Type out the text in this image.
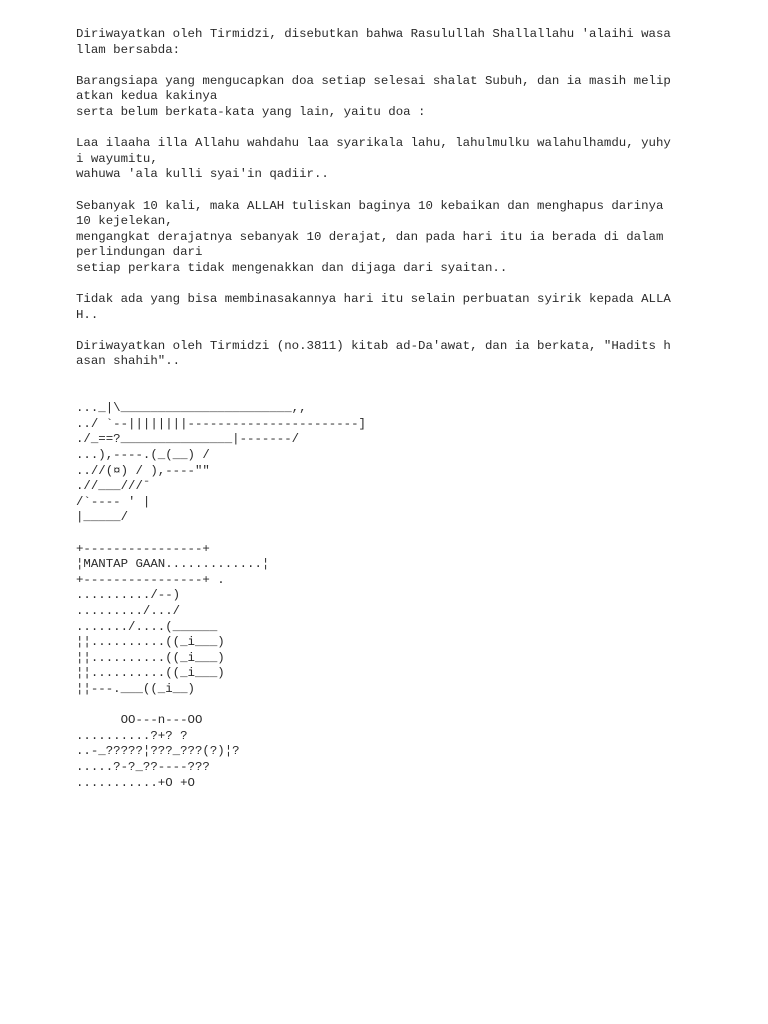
Diriwayatkan oleh Tirmidzi, disebutkan bahwa Rasulullah Shallallahu 'alaihi wasa
llam bersabda:
Barangsiapa yang mengucapkan doa setiap selesai shalat Subuh, dan ia masih melip
atkan kedua kakinya
serta belum berkata-kata yang lain, yaitu doa :
Laa ilaaha illa Allahu wahdahu laa syarikala lahu, lahulmulku walahulhamdu, yuhy
i wayumitu,
wahuwa 'ala kulli syai'in qadiir..
Sebanyak 10 kali, maka ALLAH tuliskan baginya 10 kebaikan dan menghapus darinya
10 kejelekan,
mengangkat derajatnya sebanyak 10 derajat, dan pada hari itu ia berada di dalam
perlindungan dari
setiap perkara tidak mengenakkan dan dijaga dari syaitan..
Tidak ada yang bisa membinasakannya hari itu selain perbuatan syirik kepada ALLA
H..
Diriwayatkan oleh Tirmidzi (no.3811) kitab ad-Da'awat, dan ia berkata, "Hadits h
asan shahih"..
..._|\_______________________,,
../ `--||||||||-----------------------]
./_==?_______________|-------/
...),----.(_(__) /
..//(¤) / ),----""
.//___///ˉ
/`---- ' |
|_____/
+----------------+
¦MANTAP GAAN.............¦
+----------------+ .
........../--)
........./.../
......./....(______
¦¦..........((_i___)
¦¦..........((_i___)
¦¦..........((_i___)
¦¦---.___((_i__)
OO---n---OO
..........?+? ?
..-_?????¦???_???(?)¦?
.....?-?_??----???
...........+O +O
